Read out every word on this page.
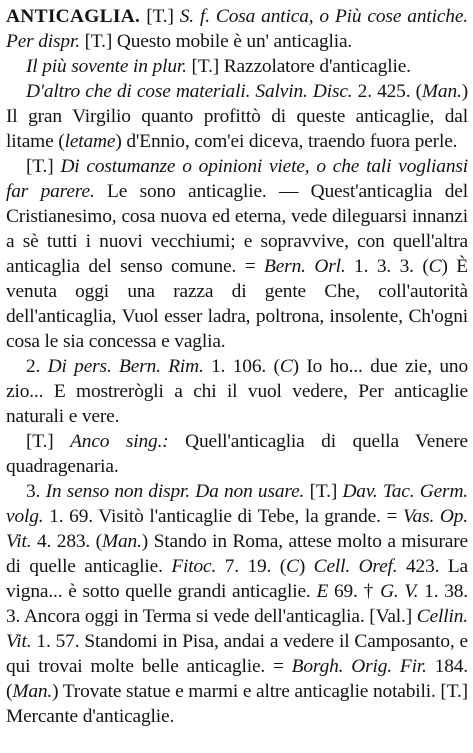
ANTICAGLIA. [T.] S. f. Cosa antica, o Più cose antiche. Per dispr. [T.] Questo mobile è un' anticaglia.

Il più sovente in plur. [T.] Razzolatore d'anticaglie.

D'altro che di cose materiali. Salvin. Disc. 2. 425. (Man.) Il gran Virgilio quanto profittò di queste anticaglie, dal litame (letame) d'Ennio, com'ei diceva, traendo fuora perle.

[T.] Di costumanze o opinioni viete, o che tali vogliansi far parere. Le sono anticaglie. — Quest'anticaglia del Cristianesimo, cosa nuova ed eterna, vede dileguarsi innanzi a sè tutti i nuovi vecchiumi; e sopravvive, con quell'altra anticaglia del senso comune. = Bern. Orl. 1. 3. 3. (C) È venuta oggi una razza di gente Che, coll'autorità dell'anticaglia, Vuol esser ladra, poltrona, insolente, Ch'ogni cosa le sia concessa e vaglia.

2. Di pers. Bern. Rim. 1. 106. (C) Io ho... due zie, uno zio... E mostrerògli a chi il vuol vedere, Per anticaglie naturali e vere.

[T.] Anco sing.: Quell'anticaglia di quella Venere quadragenaria.

3. In senso non dispr. Da non usare. [T.] Dav. Tac. Germ. volg. 1. 69. Visitò l'anticaglie di Tebe, la grande. = Vas. Op. Vit. 4. 283. (Man.) Stando in Roma, attese molto a misurare di quelle anticaglie. Fitoc. 7. 19. (C) Cell. Oref. 423. La vigna... è sotto quelle grandi anticaglie. E 69. † G. V. 1. 38. 3. Ancora oggi in Terma si vede dell'anticaglia. [Val.] Cellin. Vit. 1. 57. Standomi in Pisa, andai a vedere il Camposanto, e qui trovai molte belle anticaglie. = Borgh. Orig. Fir. 184. (Man.) Trovate statue e marmi e altre anticaglie notabili. [T.] Mercante d'anticaglie.
